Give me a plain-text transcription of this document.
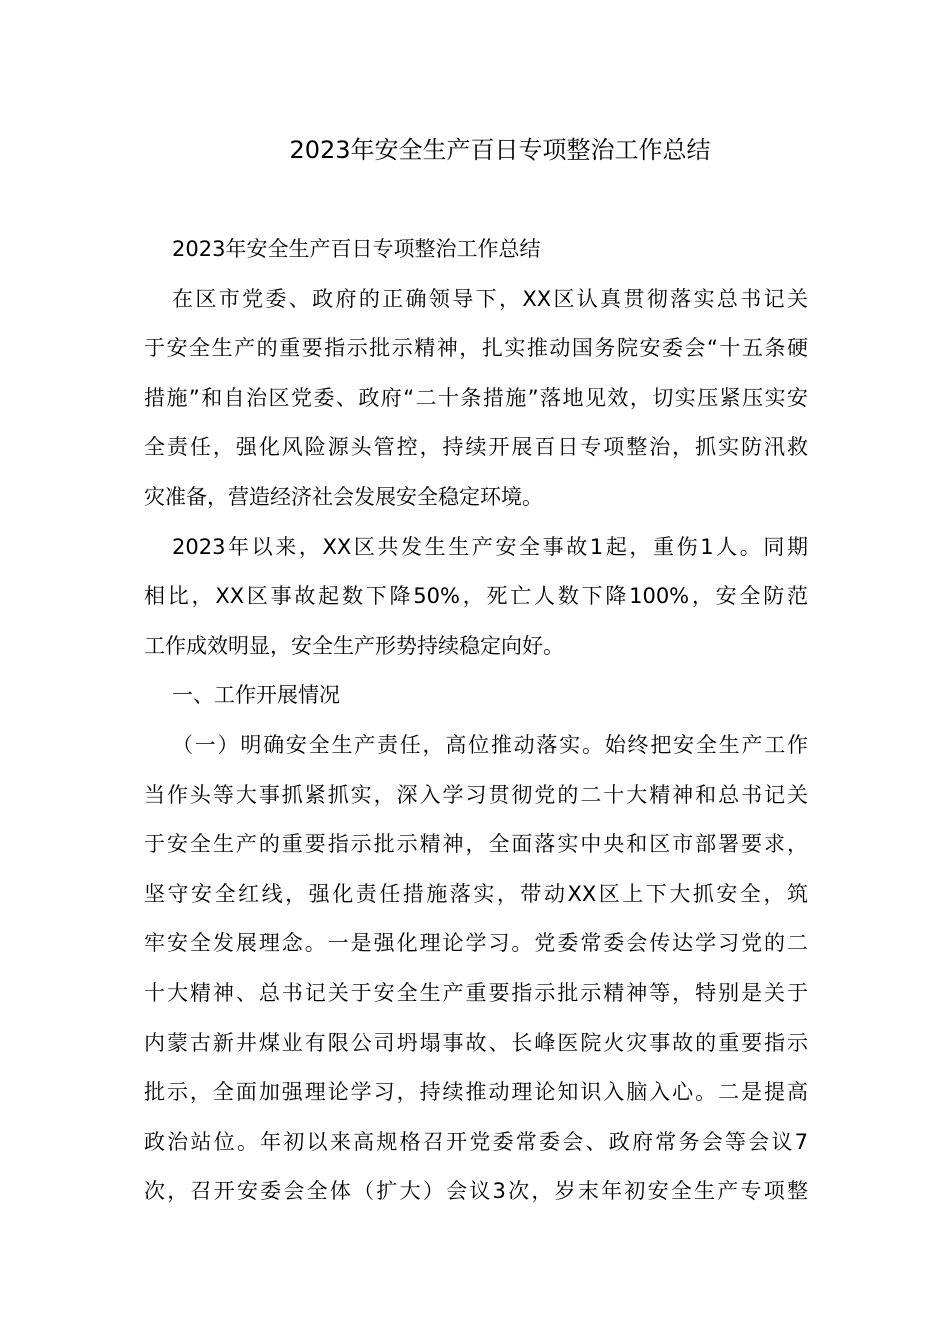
2023年安全生产百日专项整治工作总结
2023年安全生产百日专项整治工作总结
在区市党委、政府的正确领导下，XX区认真贯彻落实总书记关
于安全生产的重要指示批示精神，扎实推动国务院安委会“十五条硬
措施”和自治区党委、政府“二十条措施”落地见效，切实压紧压实安
全责任，强化风险源头管控，持续开展百日专项整治，抓实防汛救
灾准备，营造经济社会发展安全稳定环境。
2023年以来，XX区共发生生产安全事故1起，重伤1人。同期
相比，XX区事故起数下降50%，死亡人数下降100%，安全防范
工作成效明显，安全生产形势持续稳定向好。
一、工作开展情况
（一）明确安全生产责任，高位推动落实。始终把安全生产工作
当作头等大事抓紧抓实，深入学习贯彻党的二十大精神和总书记关
于安全生产的重要指示批示精神，全面落实中央和区市部署要求，
坚守安全红线，强化责任措施落实，带动XX区上下大抓安全，筑
牢安全发展理念。一是强化理论学习。党委常委会传达学习党的二
十大精神、总书记关于安全生产重要指示批示精神等，特别是关于
内蒙古新井煤业有限公司坍塌事故、长峰医院火灾事故的重要指示
批示，全面加强理论学习，持续推动理论知识入脑入心。二是提高
政治站位。年初以来高规格召开党委常委会、政府常务会等会议7
次，召开安委会全体（扩大）会议3次，岁末年初安全生产专项整
